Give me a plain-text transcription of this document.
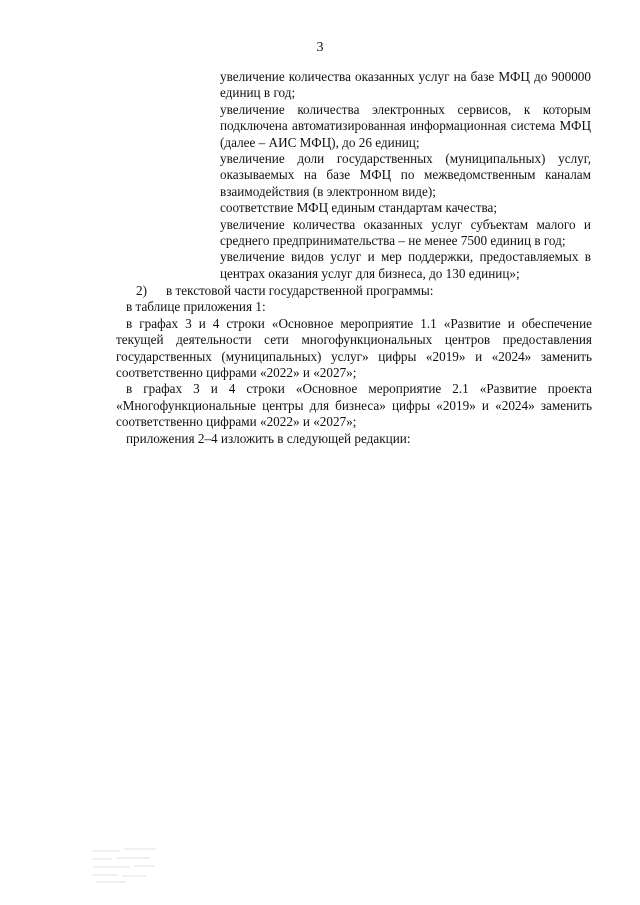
3

увеличение количества оказанных услуг на базе МФЦ до 900000 единиц в год;

увеличение количества электронных сервисов, к которым подключена автоматизированная информационная система МФЦ (далее – АИС МФЦ), до 26 единиц;

увеличение доли государственных (муниципальных) услуг, оказываемых на базе МФЦ по межведомственным каналам взаимодействия (в электронном виде);

соответствие МФЦ единым стандартам качества;

увеличение количества оказанных услуг субъектам малого и среднего предпринимательства – не менее 7500 единиц в год;

увеличение видов услуг и мер поддержки, предоставляемых в центрах оказания услуг для бизнеса, до 130 единиц»;

2) в текстовой части государственной программы:

в таблице приложения 1:

в графах 3 и 4 строки «Основное мероприятие 1.1 «Развитие и обеспечение текущей деятельности сети многофункциональных центров предоставления государственных (муниципальных) услуг» цифры «2019» и «2024» заменить соответственно цифрами «2022» и «2027»;

в графах 3 и 4 строки «Основное мероприятие 2.1 «Развитие проекта «Многофункциональные центры для бизнеса» цифры «2019» и «2024» заменить соответственно цифрами «2022» и «2027»;

приложения 2–4 изложить в следующей редакции:
